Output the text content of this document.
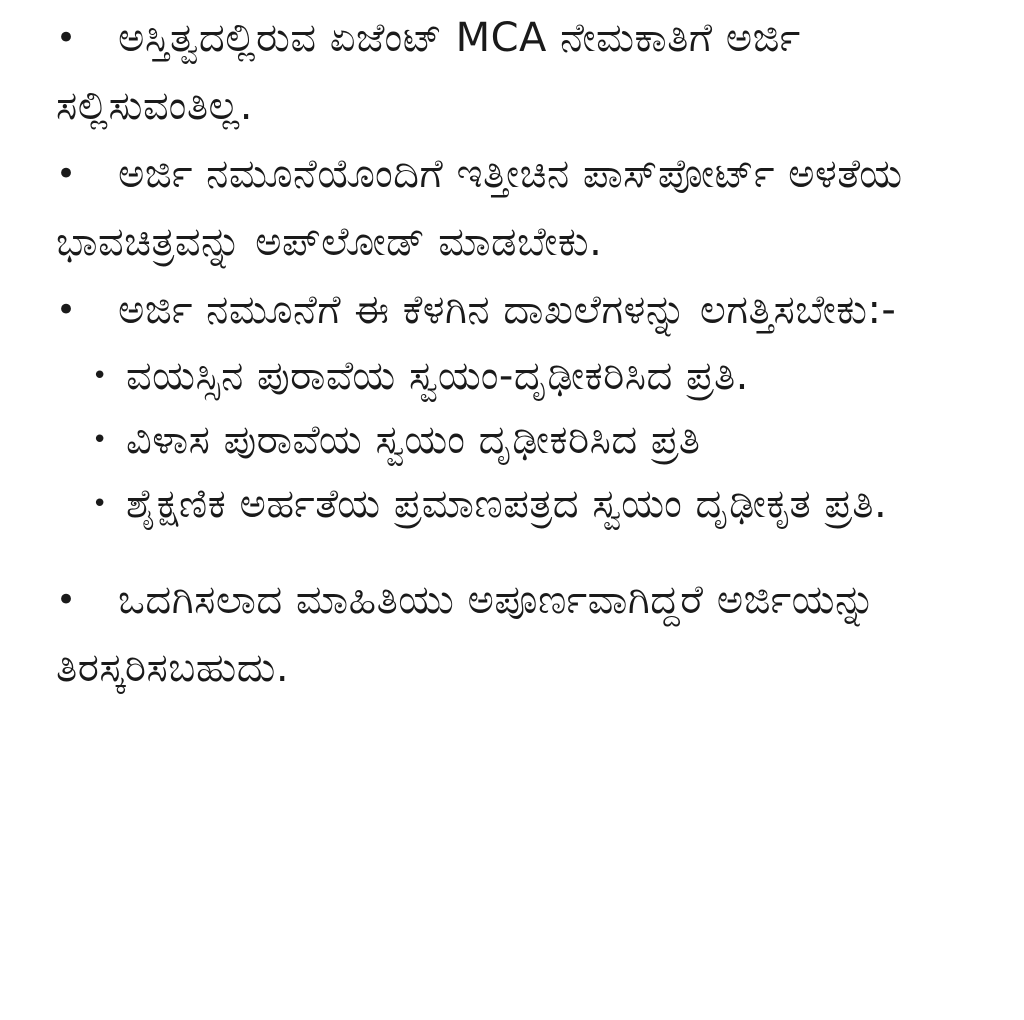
• ಅಸ್ತಿತ್ವದಲ್ಲಿರುವ ಏಜೆಂಟ್ MCA ನೇಮಕಾತಿಗೆ ಅರ್ಜಿ ಸಲ್ಲಿಸುವಂತಿಲ್ಲ.
• ಅರ್ಜಿ ನಮೂನೆಯೊಂದಿಗೆ ಇತ್ತೀಚಿನ ಪಾಸ್‌ಪೋರ್ಟ್ ಅಳತೆಯ ಭಾವಚಿತ್ರವನ್ನು ಅಪ್‌ಲೋಡ್ ಮಾಡಬೇಕು.
• ಅರ್ಜಿ ನಮೂನೆಗೆ ಈ ಕೆಳಗಿನ ದಾಖಲೆಗಳನ್ನು ಲಗತ್ತಿಸಬೇಕು:-
• ವಯಸ್ಸಿನ ಪುರಾವೆಯ ಸ್ವಯಂ-ದೃಢೀಕರಿಸಿದ ಪ್ರತಿ.
• ವಿಳಾಸ ಪುರಾವೆಯ ಸ್ವಯಂ ದೃಢೀಕರಿಸಿದ ಪ್ರತಿ
• ಶೈಕ್ಷಣಿಕ ಅರ್ಹತೆಯ ಪ್ರಮಾಣಪತ್ರದ ಸ್ವಯಂ ದೃಢೀಕೃತ ಪ್ರತಿ.
• ಒದಗಿಸಲಾದ ಮಾಹಿತಿಯು ಅಪೂರ್ಣವಾಗಿದ್ದರೆ ಅರ್ಜಿಯನ್ನು ತಿರಸ್ಕರಿಸಬಹುದು.
